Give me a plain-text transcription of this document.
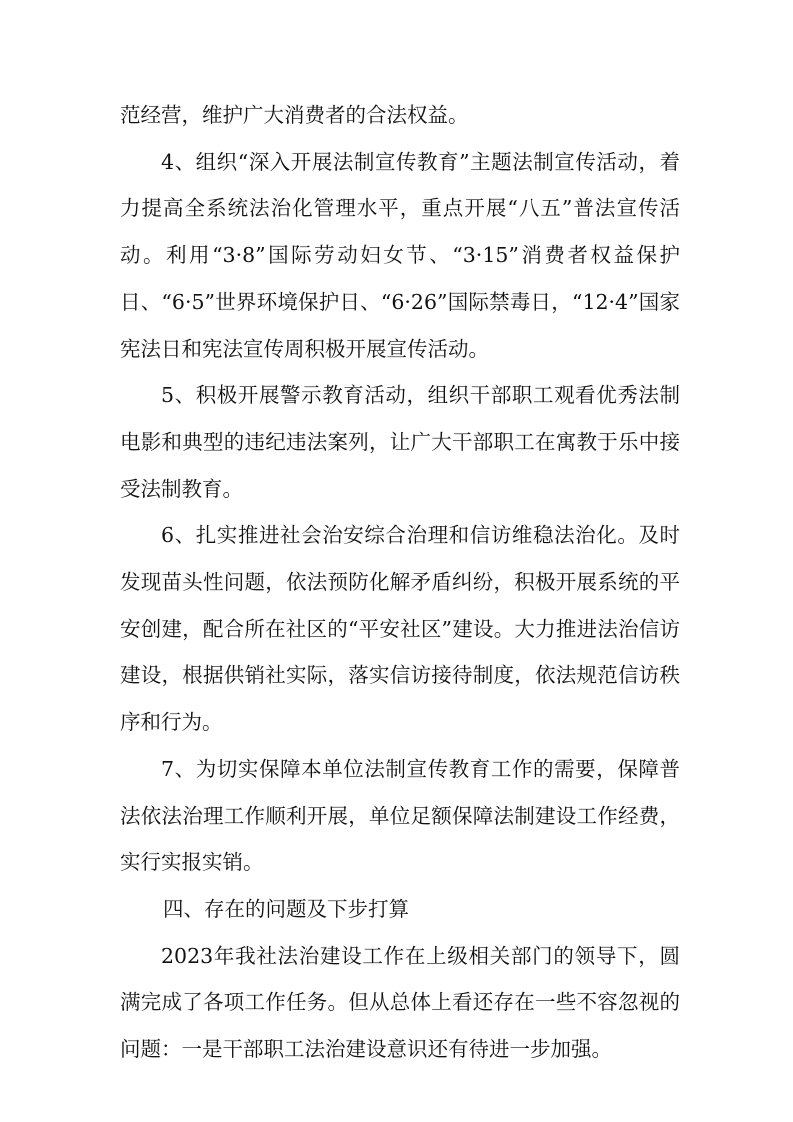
范经营，维护广大消费者的合法权益。

4、组织“深入开展法制宣传教育”主题法制宣传活动，着力提高全系统法治化管理水平，重点开展“八五”普法宣传活动。利用“3·8”国际劳动妇女节、“3·15”消费者权益保护日、“6·5”世界环境保护日、“6·26”国际禁毒日，“12·4”国家宪法日和宪法宣传周积极开展宣传活动。

5、积极开展警示教育活动，组织干部职工观看优秀法制电影和典型的违纪违法案列，让广大干部职工在寓教于乐中接受法制教育。

6、扎实推进社会治安综合治理和信访维稳法治化。及时发现苗头性问题，依法预防化解矛盾纠纷，积极开展系统的平安创建，配合所在社区的“平安社区”建设。大力推进法治信访建设，根据供销社实际，落实信访接待制度，依法规范信访秩序和行为。

7、为切实保障本单位法制宣传教育工作的需要，保障普法依法治理工作顺利开展，单位足额保障法制建设工作经费，实行实报实销。

四、存在的问题及下步打算

2023年我社法治建设工作在上级相关部门的领导下，圆满完成了各项工作任务。但从总体上看还存在一些不容忽视的问题：一是干部职工法治建设意识还有待进一步加强。
